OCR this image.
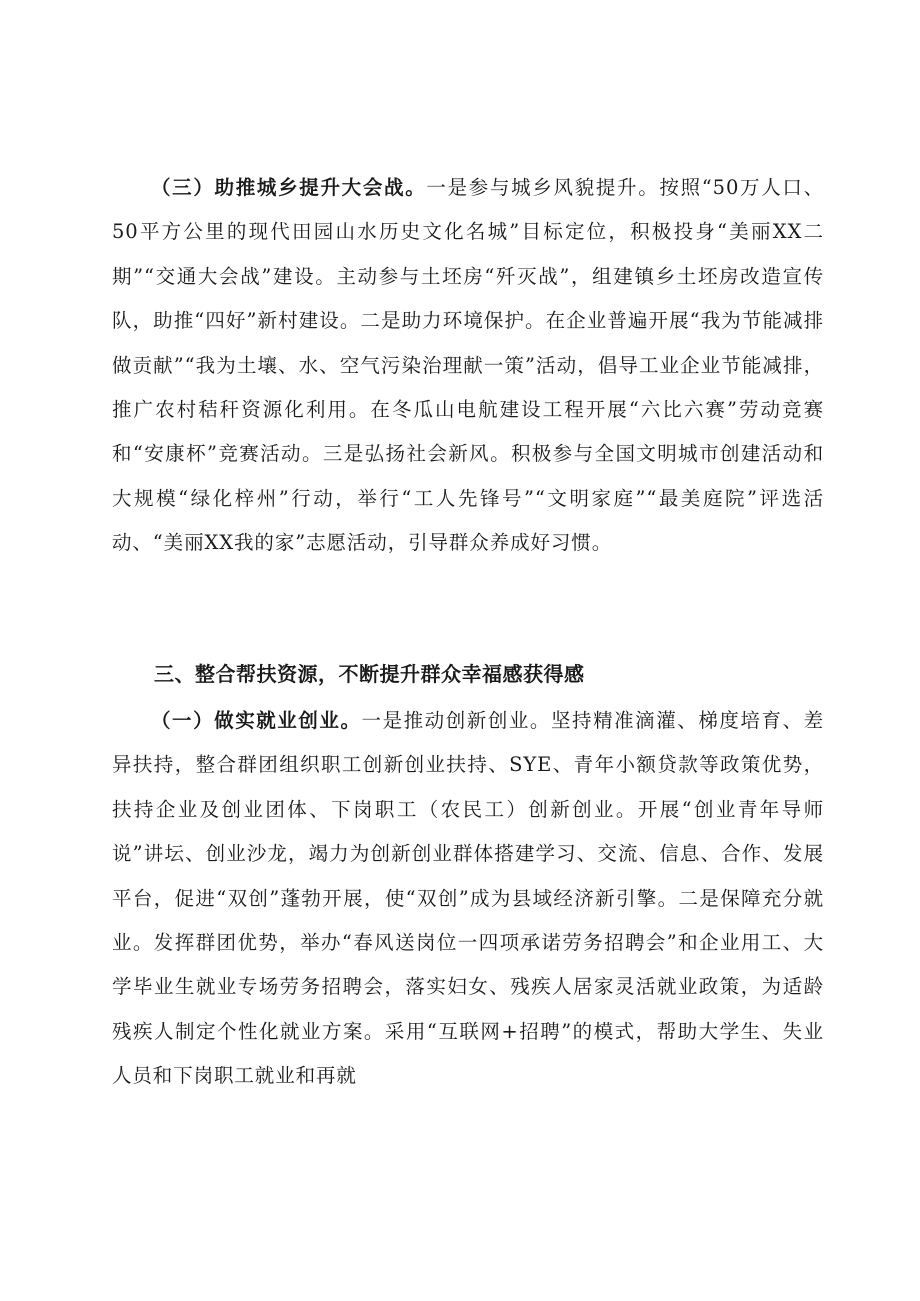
（三）助推城乡提升大会战。一是参与城乡风貌提升。按照“50万人口、50平方公里的现代田园山水历史文化名城”目标定位，积极投身“美丽XX二期”“交通大会战”建设。主动参与土坯房“歼灭战”，组建镇乡土坯房改造宣传队，助推“四好”新村建设。二是助力环境保护。在企业普遍开展“我为节能减排做贡献”“我为土壤、水、空气污染治理献一策”活动，倡导工业企业节能减排，推广农村秸秆资源化利用。在冬瓜山电航建设工程开展“六比六赛”劳动竞赛和“安康杯”竞赛活动。三是弘扬社会新风。积极参与全国文明城市创建活动和大规模“绿化梓州”行动，举行“工人先锋号”“文明家庭”“最美庭院”评选活动、“美丽XX我的家”志愿活动，引导群众养成好习惯。

三、整合帮扶资源，不断提升群众幸福感获得感

（一）做实就业创业。一是推动创新创业。坚持精准滴灌、梯度培育、差异扶持，整合群团组织职工创新创业扶持、SYE、青年小额贷款等政策优势，扶持企业及创业团体、下岗职工（农民工）创新创业。开展“创业青年导师说”讲坛、创业沙龙，竭力为创新创业群体搭建学习、交流、信息、合作、发展平台，促进“双创”蓬勃开展，使“双创”成为县域经济新引擎。二是保障充分就业。发挥群团优势，举办“春风送岗位一四项承诺劳务招聘会”和企业用工、大学毕业生就业专场劳务招聘会，落实妇女、残疾人居家灵活就业政策，为适龄残疾人制定个性化就业方案。采用“互联网+招聘”的模式，帮助大学生、失业人员和下岗职工就业和再就
